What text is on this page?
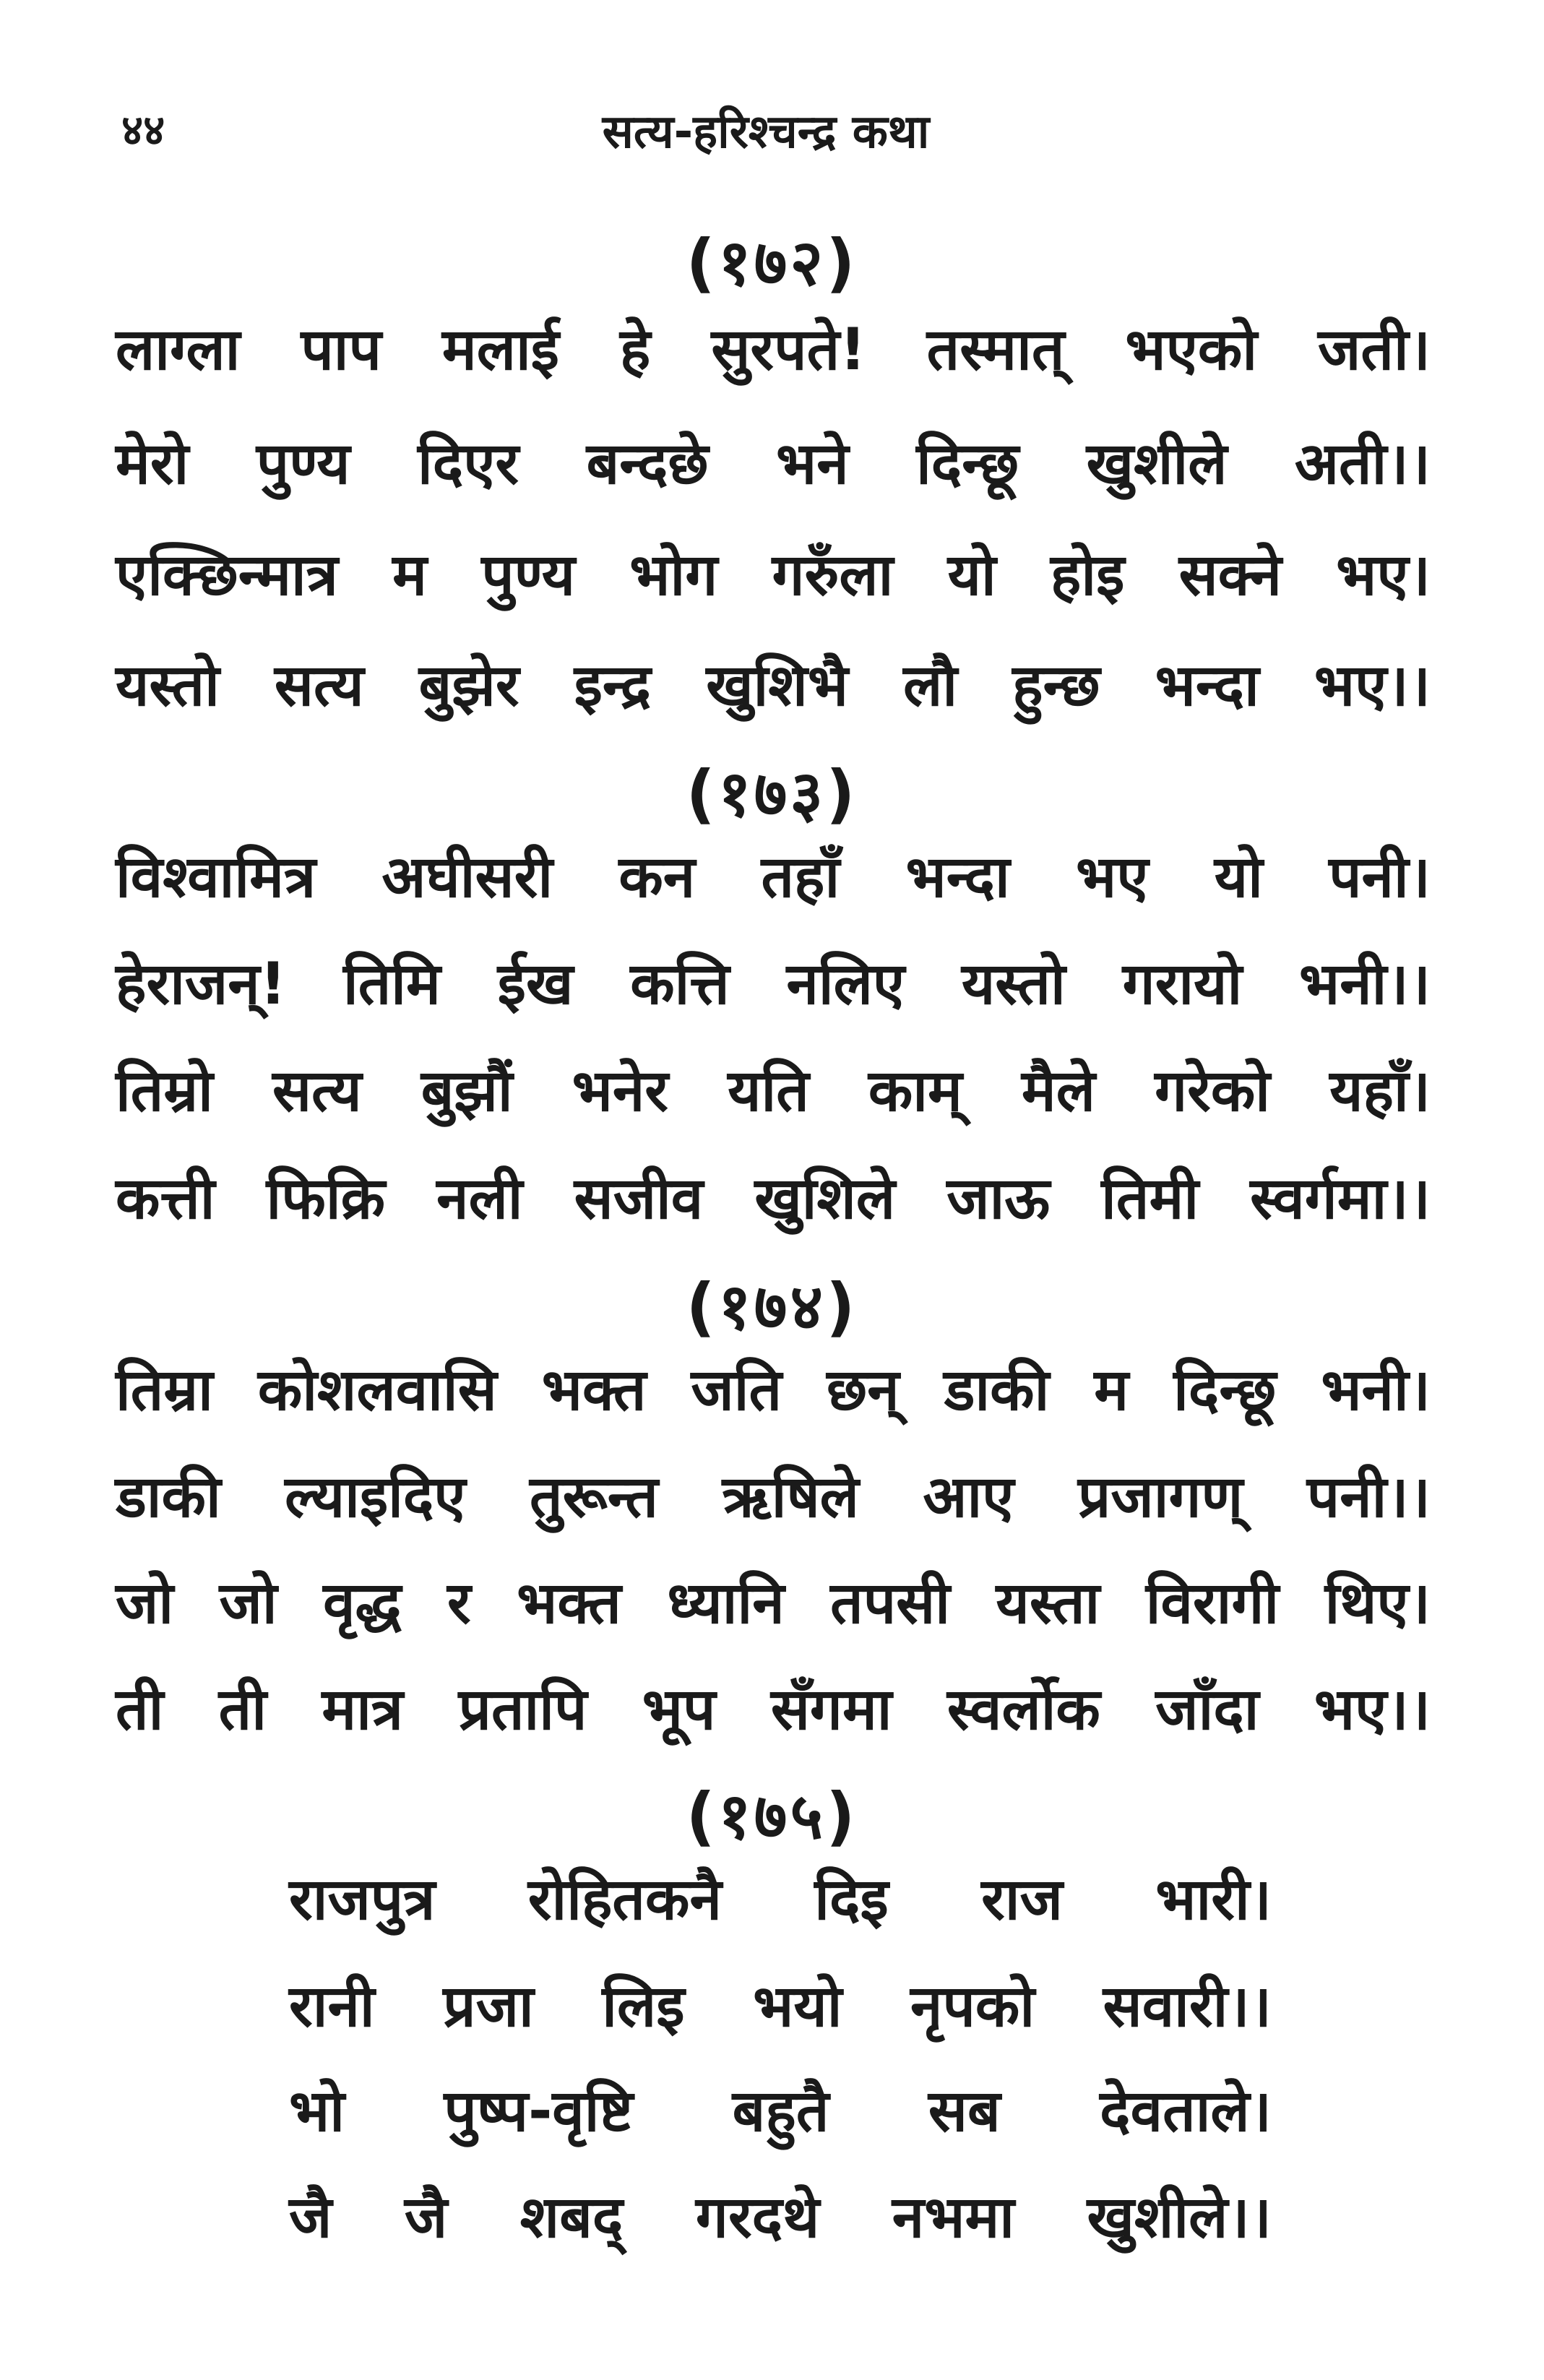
४४	सत्य-हरिश्चन्द्र कथा
(१७२)
लाग्ला पाप मलाई हे सुरपते! तस्मात् भएको जती।
मेरो पुण्य दिएर बन्दछे भने दिन्छू खुशीले अती।।
एक्छिन्मात्र म पुण्य भोग गरुँला यो होइ सक्ने भए।
यस्तो सत्य बुझेर इन्द्र खुशिभै लौ हुन्छ भन्दा भए।।
(१७३)
विश्वामित्र अघीसरी कन तहाँ भन्दा भए यो पनी।
हेराजन्! तिमि ईख कत्ति नलिए यस्तो गरायो भनी।।
तिम्रो सत्य बुझौं भनेर यति काम् मैले गरेको यहाँ।
कत्ती फिक्रि नली सजीव खुशिले जाऊ तिमी स्वर्गमा।।
(१७४)
तिम्रा कोशलवासि भक्त जति छन् डाकी म दिन्छू भनी।
डाकी ल्याइदिए तुरून्त ऋषिले आए प्रजागण् पनी।।
जो जो वृद्ध र भक्त ध्यानि तपसी यस्ता विरागी थिए।
ती ती मात्र प्रतापि भूप सँगमा स्वर्लोक जाँदा भए।।
(१७५)
राजपुत्र रोहितकनै दिइ राज भारी।
रानी प्रजा लिइ भयो नृपको सवारी।।
भो पुष्प-वृष्टि बहुतै सब देवताले।
जै जै शबद् गरदथे नभमा खुशीले।।
